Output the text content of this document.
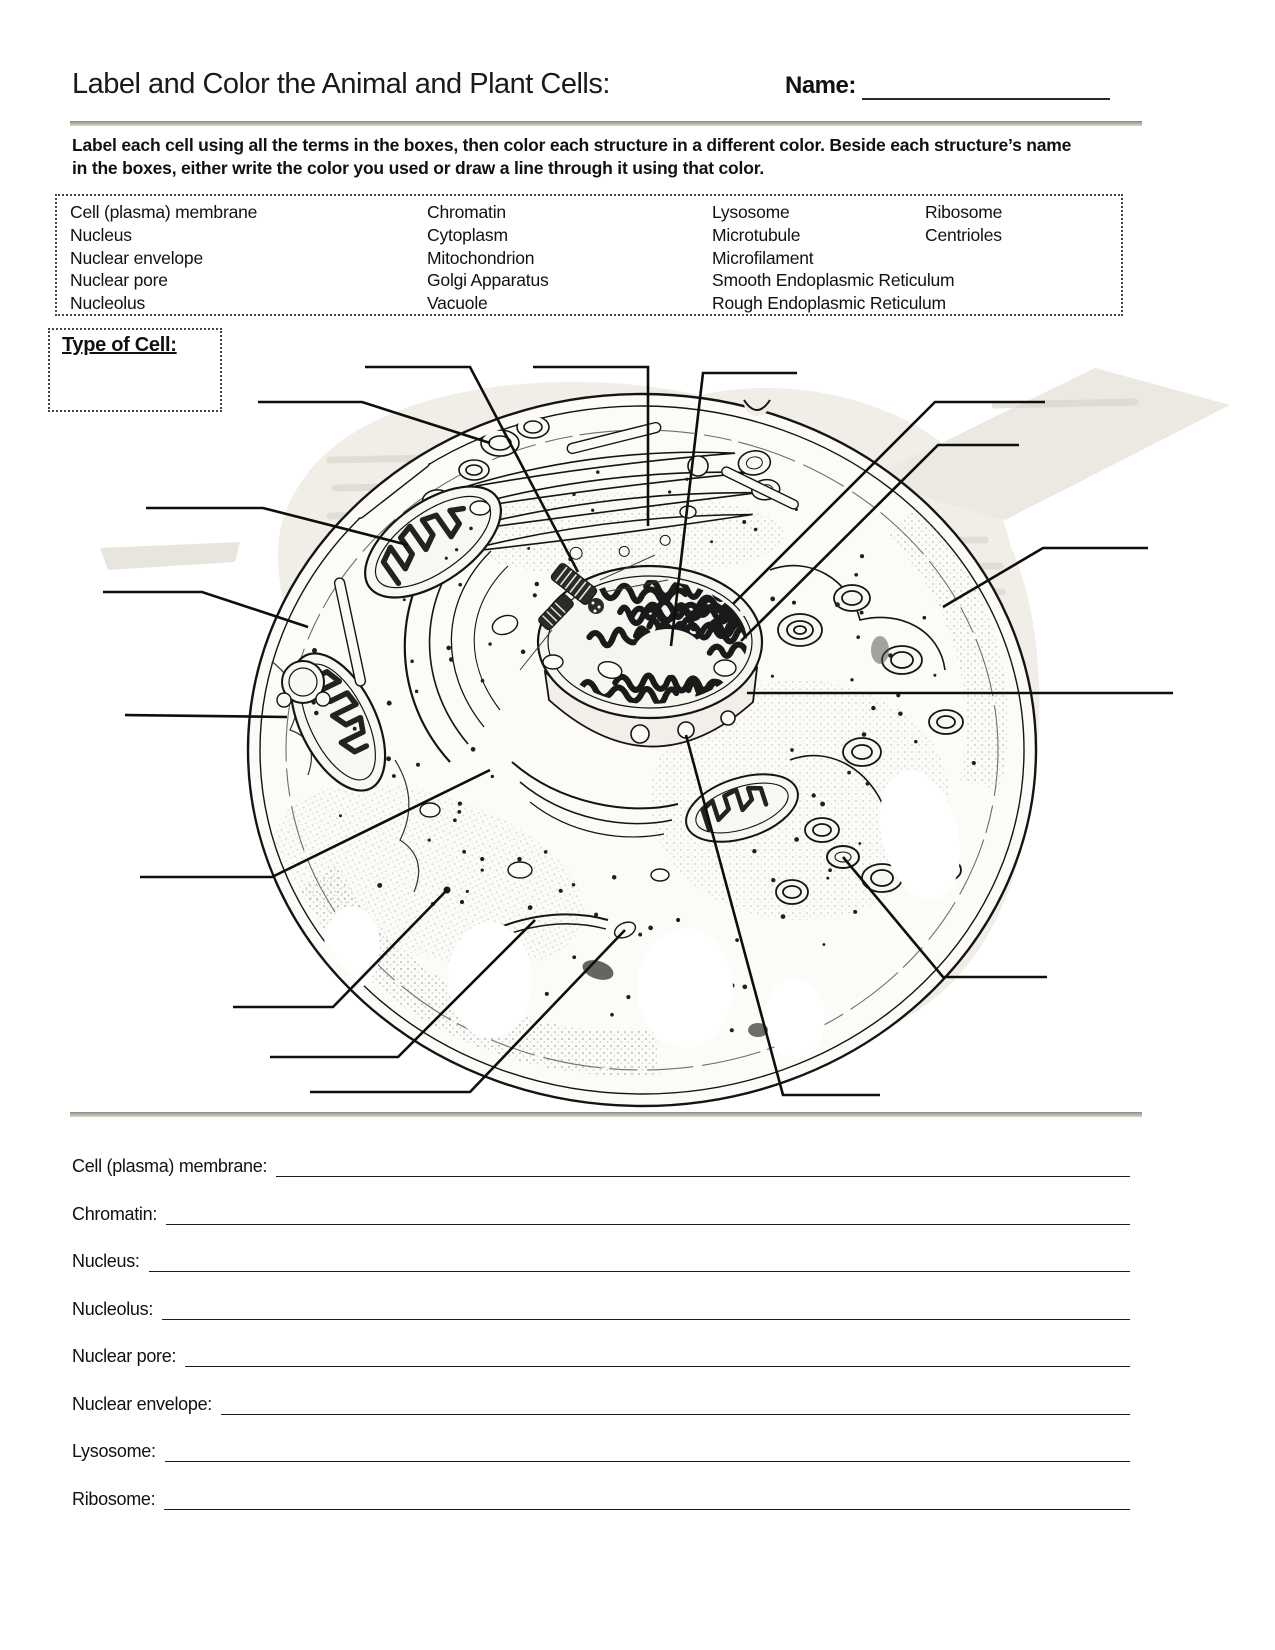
Label and Color the Animal and Plant Cells:	Name:
Label each cell using all the terms in the boxes, then color each structure in a different color. Beside each structure’s name in the boxes, either write the color you used or draw a line through it using that color.
Cell (plasma) membrane
Nucleus
Nuclear envelope
Nuclear pore
Nucleolus
Chromatin
Cytoplasm
Mitochondrion
Golgi Apparatus
Vacuole
Lysosome
Microtubule
Microfilament
Smooth Endoplasmic Reticulum
Rough Endoplasmic Reticulum
Ribosome
Centrioles
Type of Cell:
Cell (plasma) membrane:
Chromatin:
Nucleus:
Nucleolus:
Nuclear pore:
Nuclear envelope:
Lysosome:
Ribosome:
